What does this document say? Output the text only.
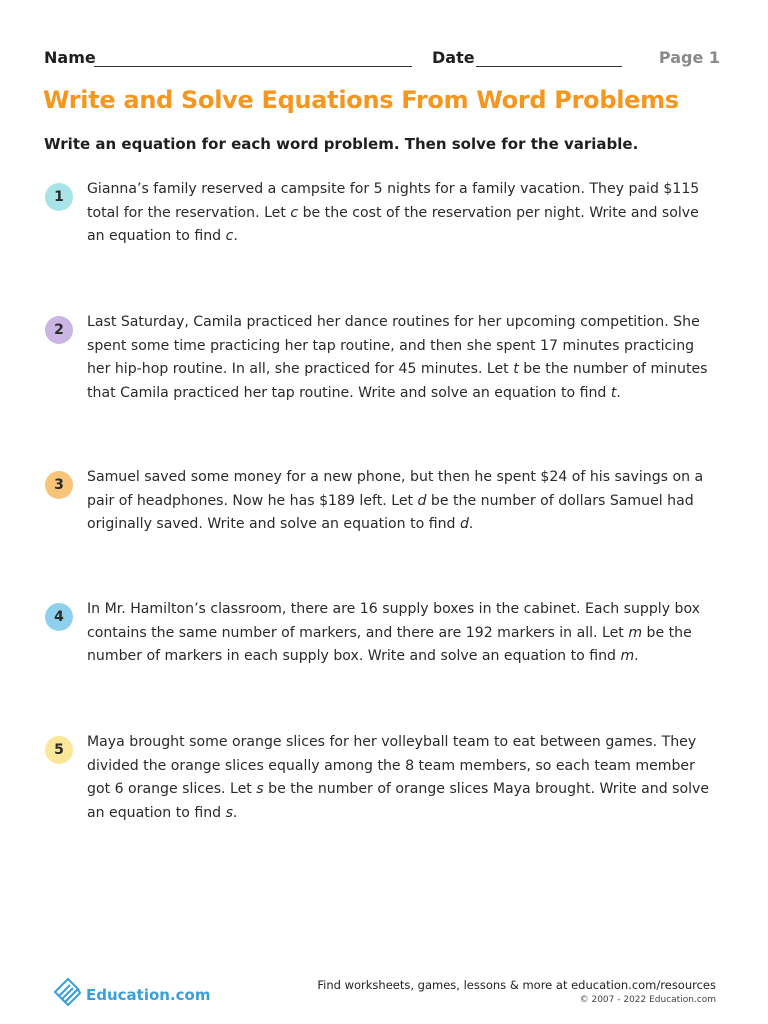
Name	Date	Page 1
Write and Solve Equations From Word Problems

Write an equation for each word problem. Then solve for the variable.

1	Gianna’s family reserved a campsite for 5 nights for a family vacation. They paid $115 total for the reservation. Let c be the cost of the reservation per night. Write and solve an equation to find c.

2	Last Saturday, Camila practiced her dance routines for her upcoming competition. She spent some time practicing her tap routine, and then she spent 17 minutes practicing her hip-hop routine. In all, she practiced for 45 minutes. Let t be the number of minutes that Camila practiced her tap routine. Write and solve an equation to find t.

3	Samuel saved some money for a new phone, but then he spent $24 of his savings on a pair of headphones. Now he has $189 left. Let d be the number of dollars Samuel had originally saved. Write and solve an equation to find d.

4	In Mr. Hamilton’s classroom, there are 16 supply boxes in the cabinet. Each supply box contains the same number of markers, and there are 192 markers in all. Let m be the number of markers in each supply box. Write and solve an equation to find m.

5	Maya brought some orange slices for her volleyball team to eat between games. They divided the orange slices equally among the 8 team members, so each team member got 6 orange slices. Let s be the number of orange slices Maya brought. Write and solve an equation to find s.

Education.com
Find worksheets, games, lessons & more at education.com/resources
© 2007 - 2022 Education.com
